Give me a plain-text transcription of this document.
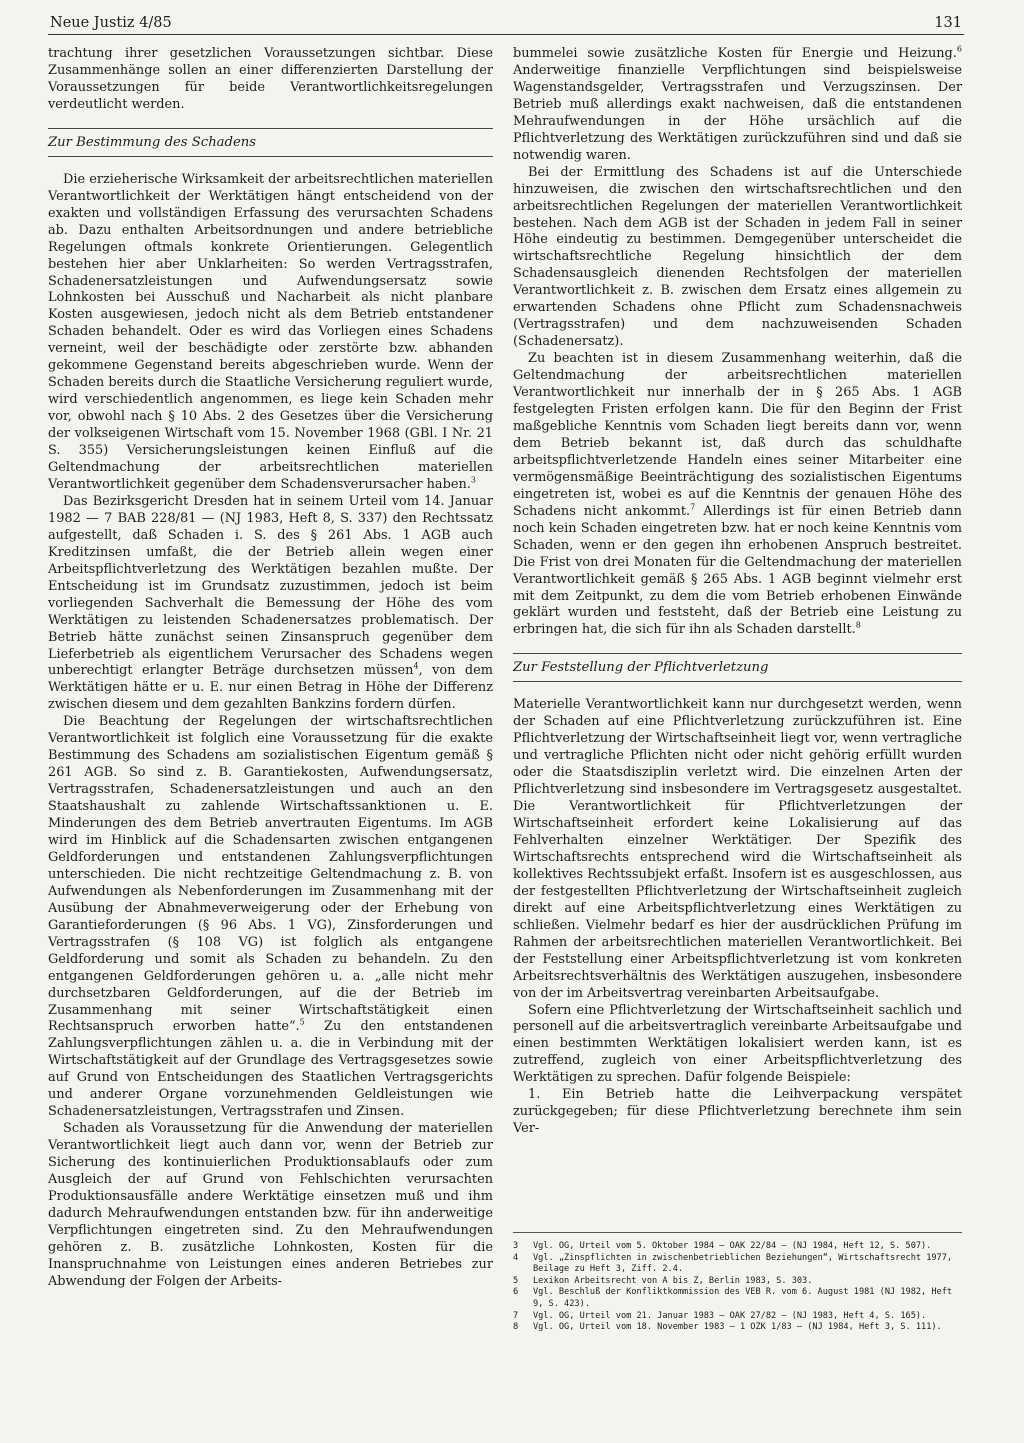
Neue Justiz 4/85	131

trachtung ihrer gesetzlichen Voraussetzungen sichtbar. Diese Zusammenhänge sollen an einer differenzierten Darstellung der Voraussetzungen für beide Verantwortlichkeitsregelungen verdeutlicht werden.

Zur Bestimmung des Schadens

Die erzieherische Wirksamkeit der arbeitsrechtlichen materiellen Verantwortlichkeit der Werktätigen hängt entscheidend von der exakten und vollständigen Erfassung des verursachten Schadens ab. Dazu enthalten Arbeitsordnungen und andere betriebliche Regelungen oftmals konkrete Orientierungen. Gelegentlich bestehen hier aber Unklarheiten: So werden Vertragsstrafen, Schadenersatzleistungen und Aufwendungsersatz sowie Lohnkosten bei Ausschuß und Nacharbeit als nicht planbare Kosten ausgewiesen, jedoch nicht als dem Betrieb entstandener Schaden behandelt. Oder es wird das Vorliegen eines Schadens verneint, weil der beschädigte oder zerstörte bzw. abhanden gekommene Gegenstand bereits abgeschrieben wurde. Wenn der Schaden bereits durch die Staatliche Versicherung reguliert wurde, wird verschiedentlich angenommen, es liege kein Schaden mehr vor, obwohl nach § 10 Abs. 2 des Gesetzes über die Versicherung der volkseigenen Wirtschaft vom 15. November 1968 (GBl. I Nr. 21 S. 355) Versicherungsleistungen keinen Einfluß auf die Geltendmachung der arbeitsrechtlichen materiellen Verantwortlichkeit gegenüber dem Schadensverursacher haben.$^3$

Das Bezirksgericht Dresden hat in seinem Urteil vom 14. Januar 1982 — 7 BAB 228/81 — (NJ 1983, Heft 8, S. 337) den Rechtssatz aufgestellt, daß Schaden i. S. des § 261 Abs. 1 AGB auch Kreditzinsen umfaßt, die der Betrieb allein wegen einer Arbeitspflichtverletzung des Werktätigen bezahlen mußte. Der Entscheidung ist im Grundsatz zuzustimmen, jedoch ist beim vorliegenden Sachverhalt die Bemessung der Höhe des vom Werktätigen zu leistenden Schadenersatzes problematisch. Der Betrieb hätte zunächst seinen Zinsanspruch gegenüber dem Lieferbetrieb als eigentlichem Verursacher des Schadens wegen unberechtigt erlangter Beträge durchsetzen müssen$^4$, von dem Werktätigen hätte er u. E. nur einen Betrag in Höhe der Differenz zwischen diesem und dem gezahlten Bankzins fordern dürfen.

Die Beachtung der Regelungen der wirtschaftsrechtlichen Verantwortlichkeit ist folglich eine Voraussetzung für die exakte Bestimmung des Schadens am sozialistischen Eigentum gemäß § 261 AGB. So sind z. B. Garantiekosten, Aufwendungsersatz, Vertragsstrafen, Schadenersatzleistungen und auch an den Staatshaushalt zu zahlende Wirtschaftssanktionen u. E. Minderungen des dem Betrieb anvertrauten Eigentums. Im AGB wird im Hinblick auf die Schadensarten zwischen entgangenen Geldforderungen und entstandenen Zahlungsverpflichtungen unterschieden. Die nicht rechtzeitige Geltendmachung z. B. von Aufwendungen als Nebenforderungen im Zusammenhang mit der Ausübung der Abnahmeverweigerung oder der Erhebung von Garantieforderungen (§ 96 Abs. 1 VG), Zinsforderungen und Vertragsstrafen (§ 108 VG) ist folglich als entgangene Geldforderung und somit als Schaden zu behandeln. Zu den entgangenen Geldforderungen gehören u. a. „alle nicht mehr durchsetzbaren Geldforderungen, auf die der Betrieb im Zusammenhang mit seiner Wirtschaftstätigkeit einen Rechtsanspruch erworben hatte“.$^5$ Zu den entstandenen Zahlungsverpflichtungen zählen u. a. die in Verbindung mit der Wirtschaftstätigkeit auf der Grundlage des Vertragsgesetzes sowie auf Grund von Entscheidungen des Staatlichen Vertragsgerichts und anderer Organe vorzunehmenden Geldleistungen wie Schadenersatzleistungen, Vertragsstrafen und Zinsen.

Schaden als Voraussetzung für die Anwendung der materiellen Verantwortlichkeit liegt auch dann vor, wenn der Betrieb zur Sicherung des kontinuierlichen Produktionsablaufs oder zum Ausgleich der auf Grund von Fehlschichten verursachten Produktionsausfälle andere Werktätige einsetzen muß und ihm dadurch Mehraufwendungen entstanden bzw. für ihn anderweitige Verpflichtungen eingetreten sind. Zu den Mehraufwendungen gehören z. B. zusätzliche Lohnkosten, Kosten für die Inanspruchnahme von Leistungen eines anderen Betriebes zur Abwendung der Folgen der Arbeits-

bummelei sowie zusätzliche Kosten für Energie und Heizung.$^6$ Anderweitige finanzielle Verpflichtungen sind beispielsweise Wagenstandsgelder, Vertragsstrafen und Verzugszinsen. Der Betrieb muß allerdings exakt nachweisen, daß die entstandenen Mehraufwendungen in der Höhe ursächlich auf die Pflichtverletzung des Werktätigen zurückzuführen sind und daß sie notwendig waren.

Bei der Ermittlung des Schadens ist auf die Unterschiede hinzuweisen, die zwischen den wirtschaftsrechtlichen und den arbeitsrechtlichen Regelungen der materiellen Verantwortlichkeit bestehen. Nach dem AGB ist der Schaden in jedem Fall in seiner Höhe eindeutig zu bestimmen. Demgegenüber unterscheidet die wirtschaftsrechtliche Regelung hinsichtlich der dem Schadensausgleich dienenden Rechtsfolgen der materiellen Verantwortlichkeit z. B. zwischen dem Ersatz eines allgemein zu erwartenden Schadens ohne Pflicht zum Schadensnachweis (Vertragsstrafen) und dem nachzuweisenden Schaden (Schadenersatz).

Zu beachten ist in diesem Zusammenhang weiterhin, daß die Geltendmachung der arbeitsrechtlichen materiellen Verantwortlichkeit nur innerhalb der in § 265 Abs. 1 AGB festgelegten Fristen erfolgen kann. Die für den Beginn der Frist maßgebliche Kenntnis vom Schaden liegt bereits dann vor, wenn dem Betrieb bekannt ist, daß durch das schuldhafte arbeitspflichtverletzende Handeln eines seiner Mitarbeiter eine vermögensmäßige Beeinträchtigung des sozialistischen Eigentums eingetreten ist, wobei es auf die Kenntnis der genauen Höhe des Schadens nicht ankommt.$^7$ Allerdings ist für einen Betrieb dann noch kein Schaden eingetreten bzw. hat er noch keine Kenntnis vom Schaden, wenn er den gegen ihn erhobenen Anspruch bestreitet. Die Frist von drei Monaten für die Geltendmachung der materiellen Verantwortlichkeit gemäß § 265 Abs. 1 AGB beginnt vielmehr erst mit dem Zeitpunkt, zu dem die vom Betrieb erhobenen Einwände geklärt wurden und feststeht, daß der Betrieb eine Leistung zu erbringen hat, die sich für ihn als Schaden darstellt.$^8$

Zur Feststellung der Pflichtverletzung

Materielle Verantwortlichkeit kann nur durchgesetzt werden, wenn der Schaden auf eine Pflichtverletzung zurückzuführen ist. Eine Pflichtverletzung der Wirtschaftseinheit liegt vor, wenn vertragliche und vertragliche Pflichten nicht oder nicht gehörig erfüllt wurden oder die Staatsdisziplin verletzt wird. Die einzelnen Arten der Pflichtverletzung sind insbesondere im Vertragsgesetz ausgestaltet. Die Verantwortlichkeit für Pflichtverletzungen der Wirtschaftseinheit erfordert keine Lokalisierung auf das Fehlverhalten einzelner Werktätiger. Der Spezifik des Wirtschaftsrechts entsprechend wird die Wirtschaftseinheit als kollektives Rechtssubjekt erfaßt. Insofern ist es ausgeschlossen, aus der festgestellten Pflichtverletzung der Wirtschaftseinheit zugleich direkt auf eine Arbeitspflichtverletzung eines Werktätigen zu schließen. Vielmehr bedarf es hier der ausdrücklichen Prüfung im Rahmen der arbeitsrechtlichen materiellen Verantwortlichkeit. Bei der Feststellung einer Arbeitspflichtverletzung ist vom konkreten Arbeitsrechtsverhältnis des Werktätigen auszugehen, insbesondere von der im Arbeitsvertrag vereinbarten Arbeitsaufgabe.

Sofern eine Pflichtverletzung der Wirtschaftseinheit sachlich und personell auf die arbeitsvertraglich vereinbarte Arbeitsaufgabe und einen bestimmten Werktätigen lokalisiert werden kann, ist es zutreffend, zugleich von einer Arbeitspflichtverletzung des Werktätigen zu sprechen. Dafür folgende Beispiele:

1. Ein Betrieb hatte die Leihverpackung verspätet zurückgegeben; für diese Pflichtverletzung berechnete ihm sein Ver-

3	Vgl. OG, Urteil vom 5. Oktober 1984 — OAK 22/84 — (NJ 1984, Heft 12, S. 507).
4	Vgl. „Zinspflichten in zwischenbetrieblichen Beziehungen“, Wirtschaftsrecht 1977, Beilage zu Heft 3, Ziff. 2.4.
5	Lexikon Arbeitsrecht von A bis Z, Berlin 1983, S. 303.
6	Vgl. Beschluß der Konfliktkommission des VEB R. vom 6. August 1981 (NJ 1982, Heft 9, S. 423).
7	Vgl. OG, Urteil vom 21. Januar 1983 — OAK 27/82 — (NJ 1983, Heft 4, S. 165).
8	Vgl. OG, Urteil vom 18. November 1983 — 1 OZK 1/83 — (NJ 1984, Heft 3, S. 111).
